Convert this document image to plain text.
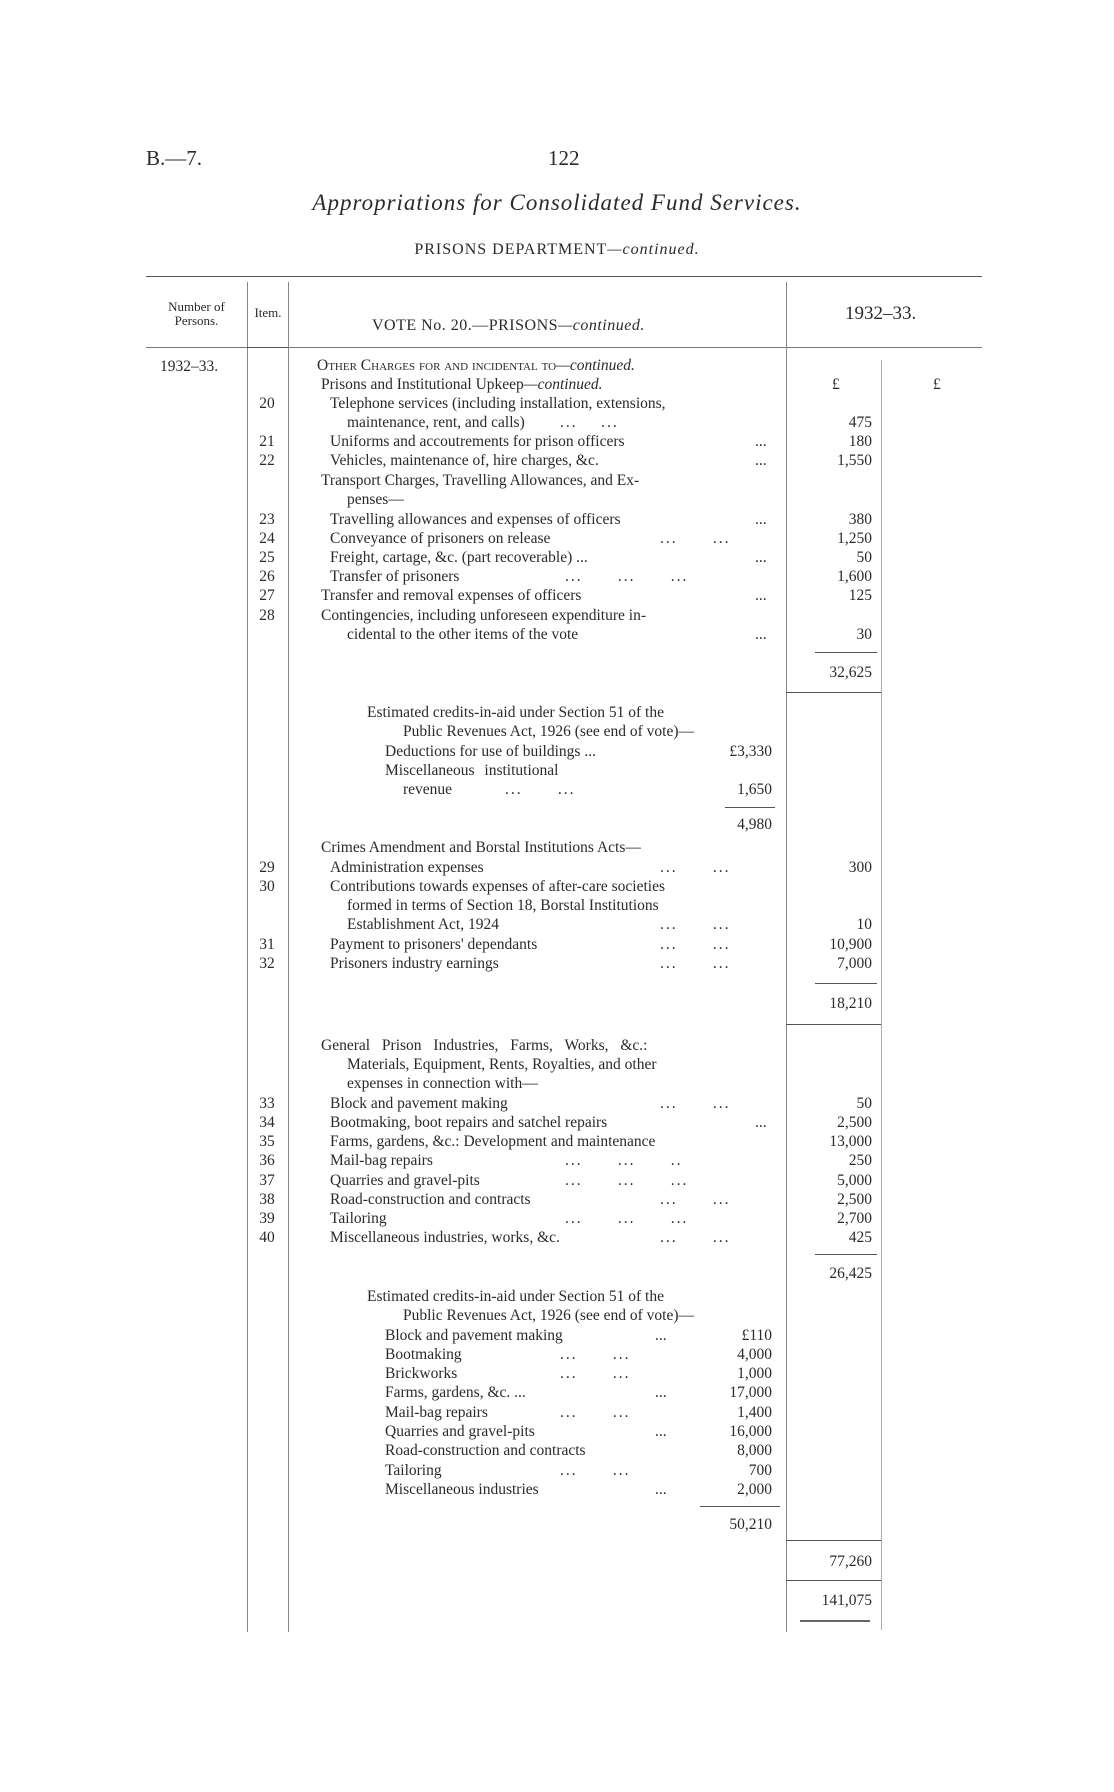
B.—7.	122
Appropriations for Consolidated Fund Services.
PRISONS DEPARTMENT—continued.
Number of Persons.
Item.
VOTE No. 20.—PRISONS—continued.
1932–33.
1932–33.
£	£
Other Charges for and incidental to—continued.
Prisons and Institutional Upkeep—continued.
20	Telephone services (including installation, extensions,
maintenance, rent, and calls)      ...    ...	475
21	Uniforms and accoutrements for prison officers	...	180
22	Vehicles, maintenance of, hire charges, &c.	...	1,550
Transport Charges, Travelling Allowances, and Ex-
penses—
23	Travelling allowances and expenses of officers	...	380
24	Conveyance of prisoners on release	...      ...	1,250
25	Freight, cartage, &c. (part recoverable) ...	...	50
26	Transfer of prisoners	...      ...      ...	1,600
27	Transfer and removal expenses of officers	...	125
28	Contingencies, including unforeseen expenditure in-
cidental to the other items of the vote	...	30
32,625
Estimated credits-in-aid under Section 51 of the
Public Revenues Act, 1926 (see end of vote)—
Deductions for use of buildings ...	£3,330
Miscellaneous institutional
revenue         ...      ...	1,650
4,980
Crimes Amendment and Borstal Institutions Acts—
29	Administration expenses	...      ...	300
30	Contributions towards expenses of after-care societies
formed in terms of Section 18, Borstal Institutions
Establishment Act, 1924	...      ...	10
31	Payment to prisoners' dependants	...      ...	10,900
32	Prisoners industry earnings	...      ...	7,000
18,210
General Prison Industries, Farms, Works, &c.:
Materials, Equipment, Rents, Royalties, and other
expenses in connection with—
33	Block and pavement making	...      ...	50
34	Bootmaking, boot repairs and satchel repairs	...	2,500
35	Farms, gardens, &c.: Development and maintenance	13,000
36	Mail-bag repairs	...      ...      ..	250
37	Quarries and gravel-pits	...      ...      ...	5,000
38	Road-construction and contracts	...      ...	2,500
39	Tailoring	...      ...      ...	2,700
40	Miscellaneous industries, works, &c.	...      ...	425
26,425
Estimated credits-in-aid under Section 51 of the
Public Revenues Act, 1926 (see end of vote)—
Block and pavement making	...	£110
Bootmaking	...      ...	4,000
Brickworks	...      ...	1,000
Farms, gardens, &c. ...	...	17,000
Mail-bag repairs	...      ...	1,400
Quarries and gravel-pits	...	16,000
Road-construction and contracts	8,000
Tailoring	...      ...	700
Miscellaneous industries	...	2,000
50,210
77,260
141,075
